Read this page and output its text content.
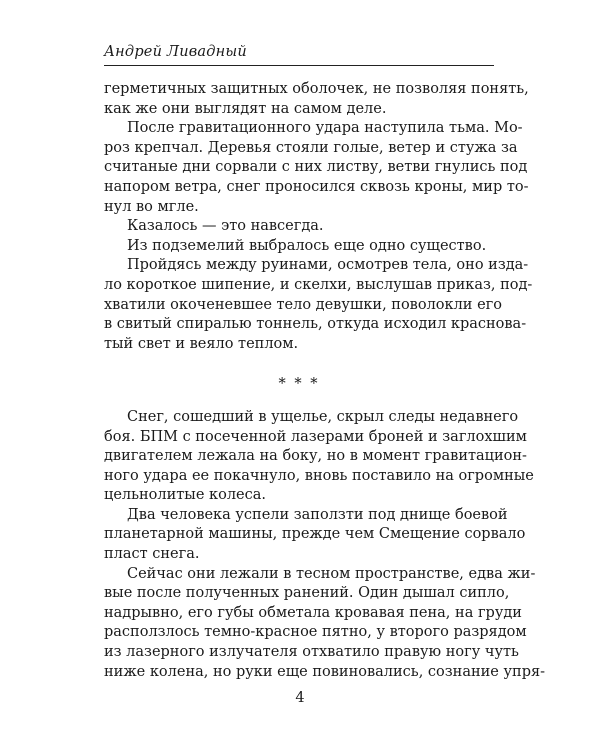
Андрей Ливадный
герметичных защитных оболочек, не позволяя понять,
как же они выглядят на самом деле.
После гравитационного удара наступила тьма. Мо-
роз крепчал. Деревья стояли голые, ветер и стужа за
считаные дни сорвали с них листву, ветви гнулись под
напором ветра, снег проносился сквозь кроны, мир то-
нул во мгле.
Казалось — это навсегда.
Из подземелий выбралось еще одно существо.
Пройдясь между руинами, осмотрев тела, оно изда-
ло короткое шипение, и скелхи, выслушав приказ, под-
хватили окоченевшее тело девушки, поволокли его
в свитый спиралью тоннель, откуда исходил краснова-
тый свет и веяло теплом.
* * *
Снег, сошедший в ущелье, скрыл следы недавнего
боя. БПМ с посеченной лазерами броней и заглохшим
двигателем лежала на боку, но в момент гравитацион-
ного удара ее покачнуло, вновь поставило на огромные
цельнолитые колеса.
Два человека успели заползти под днище боевой
планетарной машины, прежде чем Смещение сорвало
пласт снега.
Сейчас они лежали в тесном пространстве, едва жи-
вые после полученных ранений. Один дышал сипло,
надрывно, его губы обметала кровавая пена, на груди
расползлось темно-красное пятно, у второго разрядом
из лазерного излучателя отхватило правую ногу чуть
ниже колена, но руки еще повиновались, сознание упря-
4
